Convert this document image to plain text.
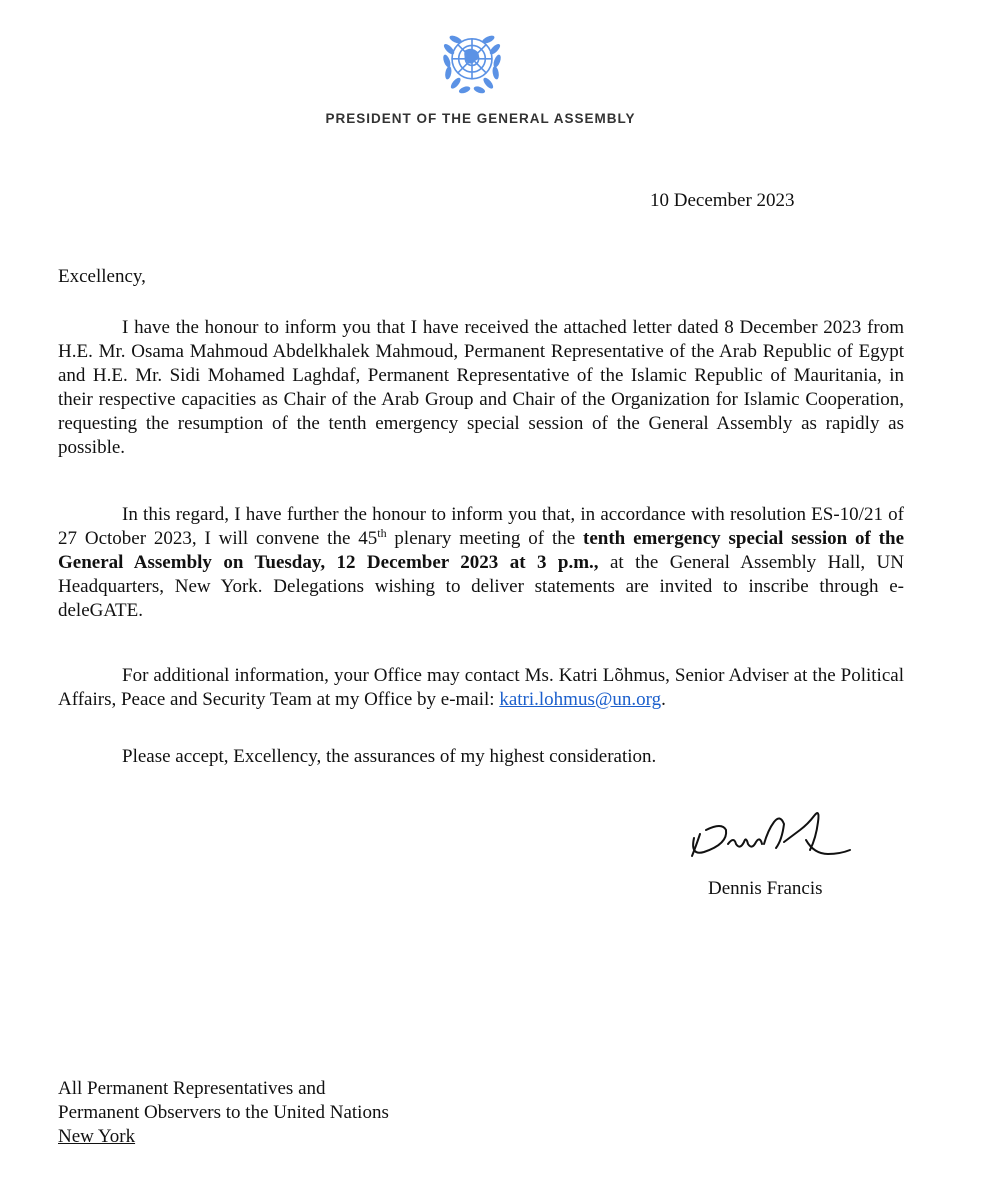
PRESIDENT OF THE GENERAL ASSEMBLY
10 December 2023
Excellency,

I have the honour to inform you that I have received the attached letter dated 8 December 2023 from H.E. Mr. Osama Mahmoud Abdelkhalek Mahmoud, Permanent Representative of the Arab Republic of Egypt and H.E. Mr. Sidi Mohamed Laghdaf, Permanent Representative of the Islamic Republic of Mauritania, in their respective capacities as Chair of the Arab Group and Chair of the Organization for Islamic Cooperation, requesting the resumption of the tenth emergency special session of the General Assembly as rapidly as possible.

In this regard, I have further the honour to inform you that, in accordance with resolution ES-10/21 of 27 October 2023, I will convene the 45th plenary meeting of the tenth emergency special session of the General Assembly on Tuesday, 12 December 2023 at 3 p.m., at the General Assembly Hall, UN Headquarters, New York. Delegations wishing to deliver statements are invited to inscribe through e-deleGATE.

For additional information, your Office may contact Ms. Katri Lõhmus, Senior Adviser at the Political Affairs, Peace and Security Team at my Office by e-mail: katri.lohmus@un.org.

Please accept, Excellency, the assurances of my highest consideration.

Dennis Francis
All Permanent Representatives and
Permanent Observers to the United Nations
New York
